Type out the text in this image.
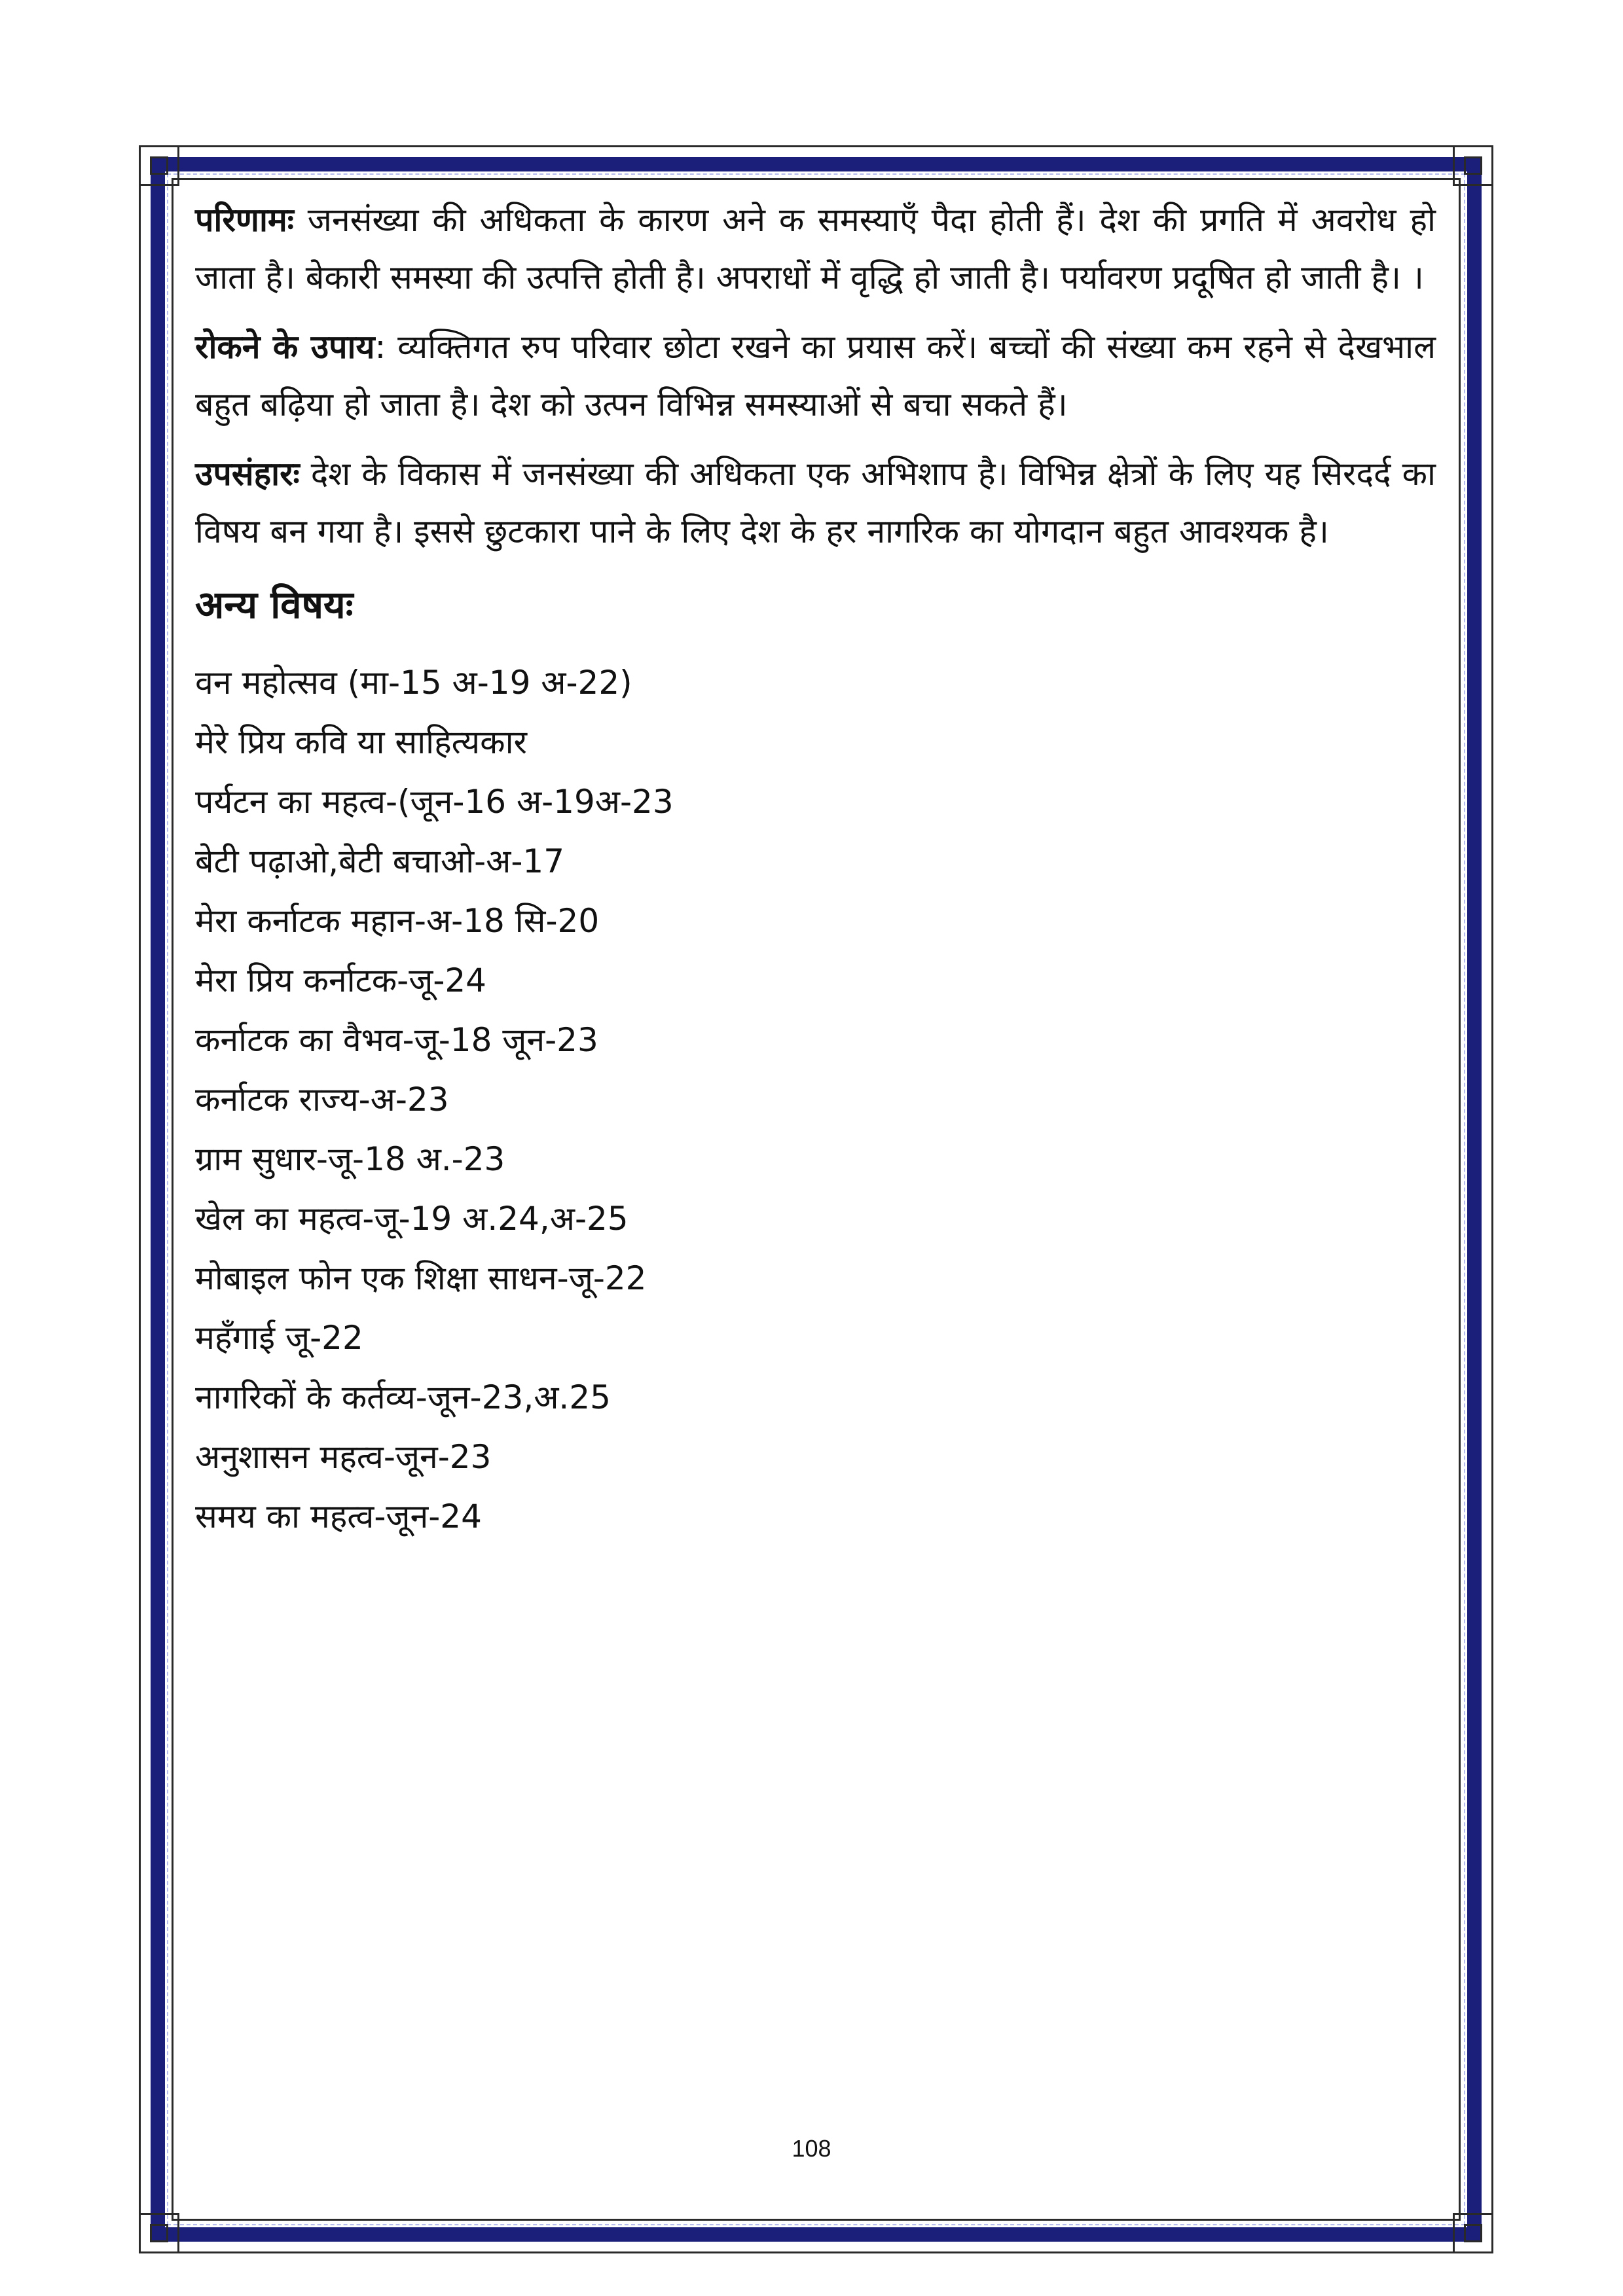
परिणामः जनसंख्या की अधिकता के कारण अने क समस्याएँ पैदा होती हैं। देश की प्रगति में अवरोध हो जाता है। बेकारी समस्या की उत्पत्ति होती है। अपराधों में वृद्धि हो जाती है। पर्यावरण प्रदूषित हो जाती है। ।

रोकने के उपाय: व्यक्तिगत रुप परिवार छोटा रखने का प्रयास करें। बच्चों की संख्या कम रहने से देखभाल बहुत बढ़िया हो जाता है। देश को उत्पन विभिन्न समस्याओं से बचा सकते हैं।

उपसंहारः देश के विकास में जनसंख्या की अधिकता एक अभिशाप है। विभिन्न क्षेत्रों के लिए यह सिरदर्द का विषय बन गया है। इससे छुटकारा पाने के लिए देश के हर नागरिक का योगदान बहुत आवश्यक है।

अन्य विषयः
वन महोत्सव (मा-15 अ-19 अ-22)
मेरे प्रिय कवि या साहित्यकार
पर्यटन का महत्व-(जून-16 अ-19अ-23
बेटी पढ़ाओ,बेटी बचाओ-अ-17
मेरा कर्नाटक महान-अ-18 सि-20
मेरा प्रिय कर्नाटक-जू-24
कर्नाटक का वैभव-जू-18 जून-23
कर्नाटक राज्य-अ-23
ग्राम सुधार-जू-18 अ.-23
खेल का महत्व-जू-19 अ.24,अ-25
मोबाइल फोन एक शिक्षा साधन-जू-22
महँगाई जू-22
नागरिकों के कर्तव्य-जून-23,अ.25
अनुशासन महत्व-जून-23
समय का महत्व-जून-24
108
